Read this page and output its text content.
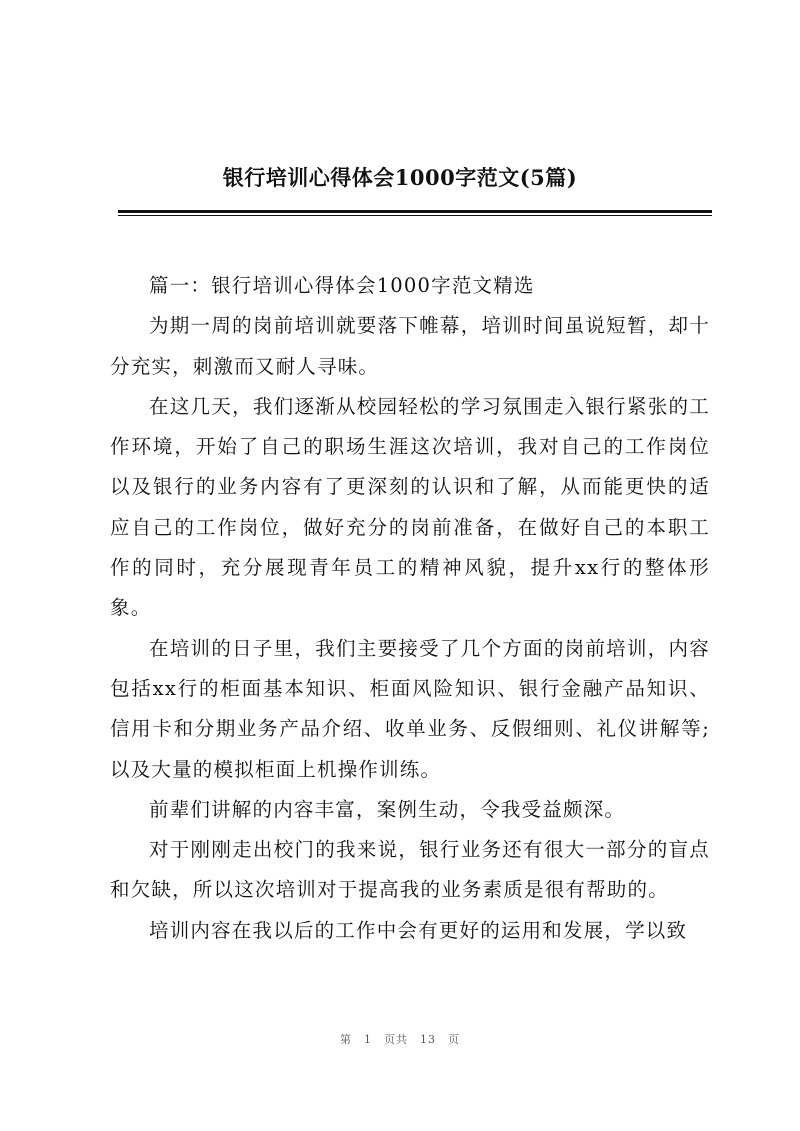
银行培训心得体会1000字范文(5篇)

篇一：银行培训心得体会1000字范文精选

为期一周的岗前培训就要落下帷幕，培训时间虽说短暂，却十分充实，刺激而又耐人寻味。

在这几天，我们逐渐从校园轻松的学习氛围走入银行紧张的工作环境，开始了自己的职场生涯这次培训，我对自己的工作岗位以及银行的业务内容有了更深刻的认识和了解，从而能更快的适应自己的工作岗位，做好充分的岗前准备，在做好自己的本职工作的同时，充分展现青年员工的精神风貌，提升xx行的整体形象。

在培训的日子里，我们主要接受了几个方面的岗前培训，内容包括xx行的柜面基本知识、柜面风险知识、银行金融产品知识、信用卡和分期业务产品介绍、收单业务、反假细则、礼仪讲解等;以及大量的模拟柜面上机操作训练。

前辈们讲解的内容丰富，案例生动，令我受益颇深。

对于刚刚走出校门的我来说，银行业务还有很大一部分的盲点和欠缺，所以这次培训对于提高我的业务素质是很有帮助的。

培训内容在我以后的工作中会有更好的运用和发展，学以致

第 1 页共 13 页
